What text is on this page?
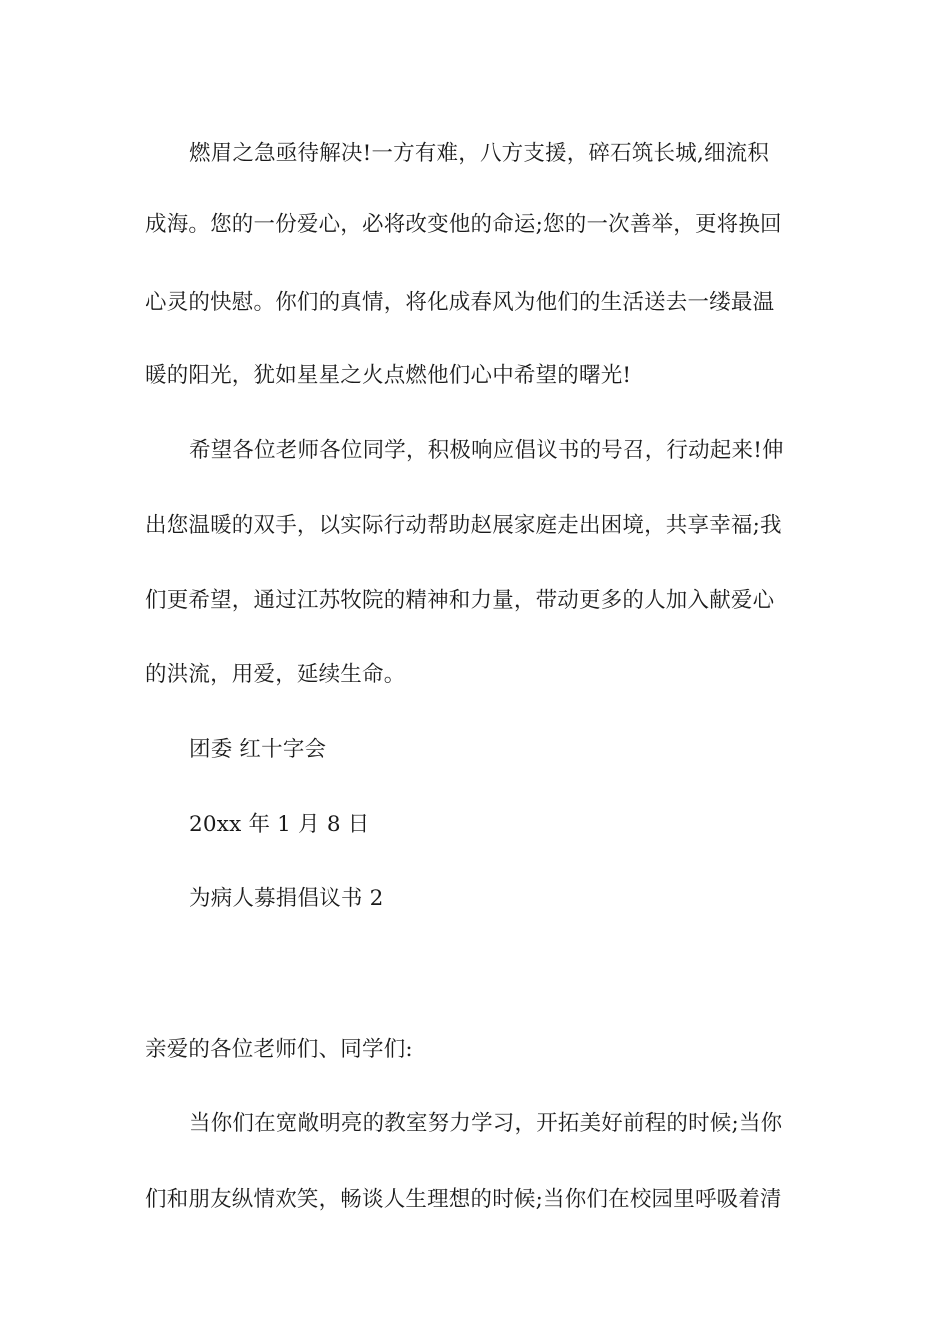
燃眉之急亟待解决!一方有难，八方支援，碎石筑长城,细流积
成海。您的一份爱心，必将改变他的命运;您的一次善举，更将换回
心灵的快慰。你们的真情，将化成春风为他们的生活送去一缕最温
暖的阳光，犹如星星之火点燃他们心中希望的曙光!
希望各位老师各位同学，积极响应倡议书的号召，行动起来!伸
出您温暖的双手，以实际行动帮助赵展家庭走出困境，共享幸福;我
们更希望，通过江苏牧院的精神和力量，带动更多的人加入献爱心
的洪流，用爱，延续生命。
团委 红十字会
20xx 年 1 月 8 日
为病人募捐倡议书 2
亲爱的各位老师们、同学们:
当你们在宽敞明亮的教室努力学习，开拓美好前程的时候;当你
们和朋友纵情欢笑，畅谈人生理想的时候;当你们在校园里呼吸着清
